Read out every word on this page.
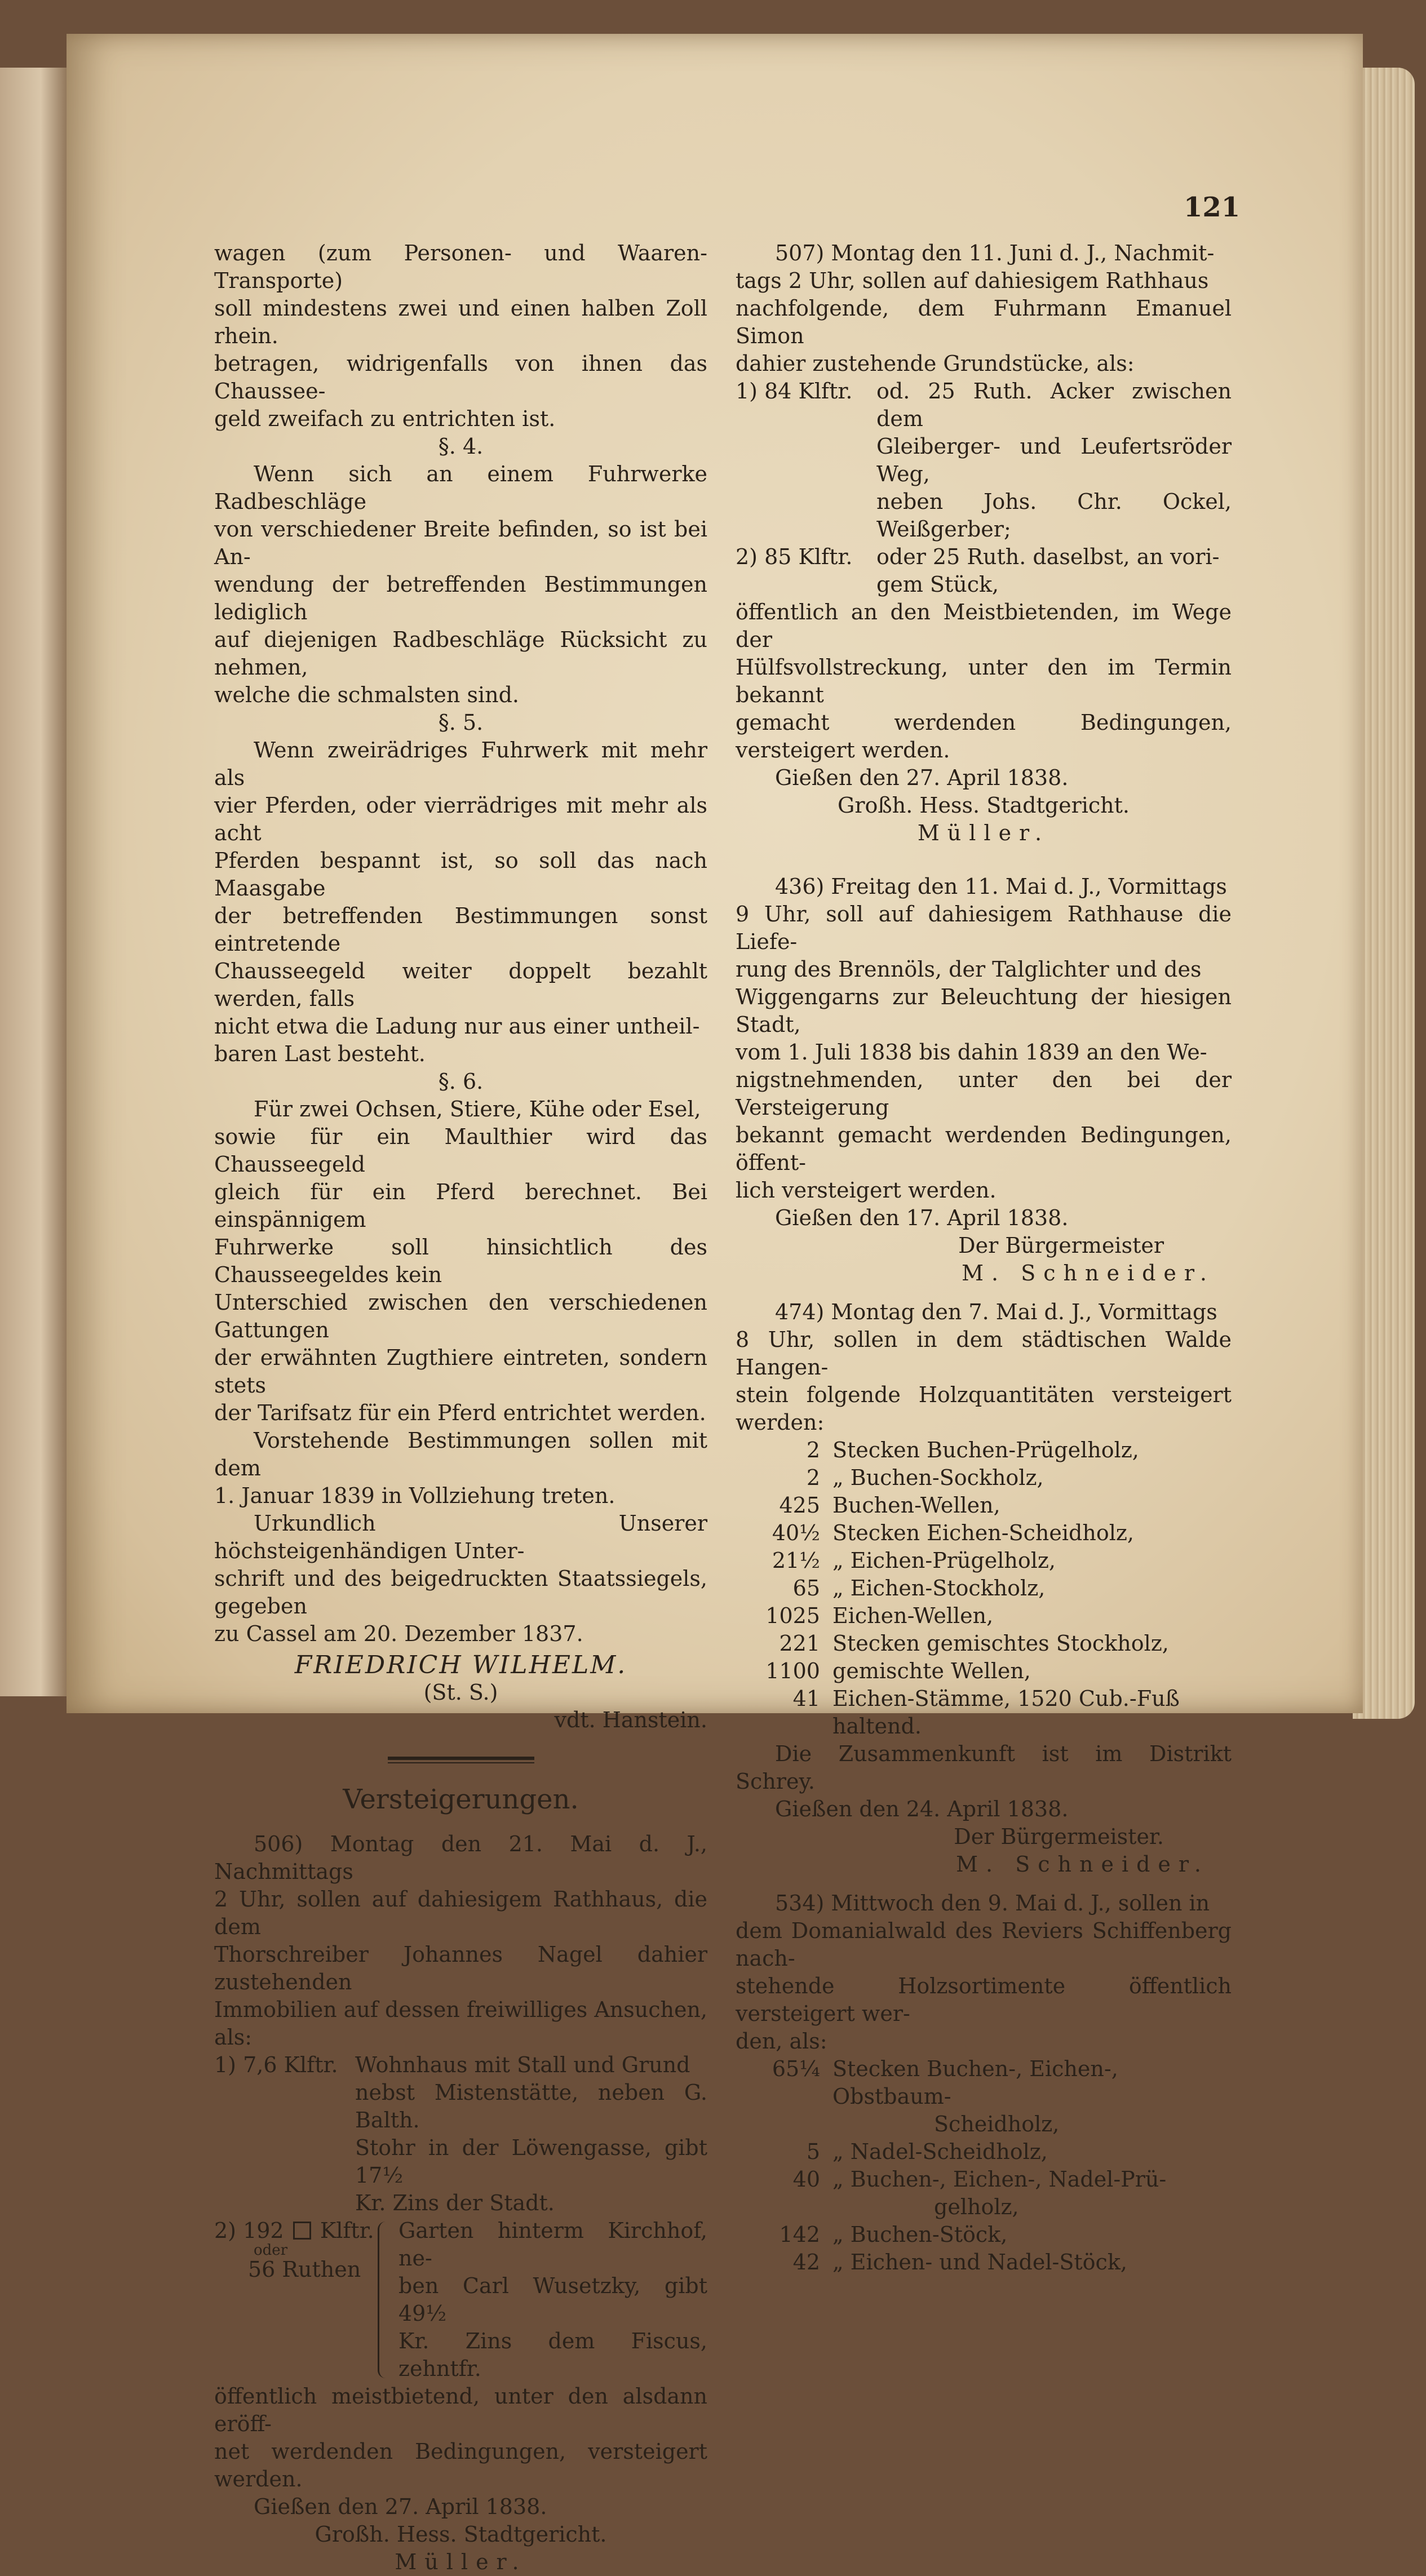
121

wagen (zum Personen- und Waaren-Transporte)

soll mindestens zwei und einen halben Zoll rhein.

betragen, widrigenfalls von ihnen das Chaussee-

geld zweifach zu entrichten ist.

§. 4.

Wenn sich an einem Fuhrwerke Radbeschläge

von verschiedener Breite befinden, so ist bei An-

wendung der betreffenden Bestimmungen lediglich

auf diejenigen Radbeschläge Rücksicht zu nehmen,

welche die schmalsten sind.

§. 5.

Wenn zweirädriges Fuhrwerk mit mehr als

vier Pferden, oder vierrädriges mit mehr als acht

Pferden bespannt ist, so soll das nach Maasgabe

der betreffenden Bestimmungen sonst eintretende

Chausseegeld weiter doppelt bezahlt werden, falls

nicht etwa die Ladung nur aus einer untheil-

baren Last besteht.

§. 6.

Für zwei Ochsen, Stiere, Kühe oder Esel,

sowie für ein Maulthier wird das Chausseegeld

gleich für ein Pferd berechnet. Bei einspännigem

Fuhrwerke soll hinsichtlich des Chausseegeldes kein

Unterschied zwischen den verschiedenen Gattungen

der erwähnten Zugthiere eintreten, sondern stets

der Tarifsatz für ein Pferd entrichtet werden.

Vorstehende Bestimmungen sollen mit dem

1. Januar 1839 in Vollziehung treten.

Urkundlich Unserer höchsteigenhändigen Unter-

schrift und des beigedruckten Staatssiegels, gegeben

zu Cassel am 20. Dezember 1837.

FRIEDRICH WILHELM.

(St. S.)

vdt. Hanstein.

Versteigerungen.

506) Montag den 21. Mai d. J., Nachmittags

2 Uhr, sollen auf dahiesigem Rathhaus, die dem

Thorschreiber Johannes Nagel dahier zustehenden

Immobilien auf dessen freiwilliges Ansuchen, als:

1) 7,6 Klftr. Wohnhaus mit Stall und Grund

nebst Mistenstätte, neben G. Balth.

Stohr in der Löwengasse, gibt 17½

Kr. Zins der Stadt.

2) 192 Klftr.
oder
56 Ruthen

Garten hinterm Kirchhof, ne-

ben Carl Wusetzky, gibt 49½

Kr. Zins dem Fiscus, zehntfr.

öffentlich meistbietend, unter den alsdann eröff-

net werdenden Bedingungen, versteigert werden.

Gießen den 27. April 1838.

Großh. Hess. Stadtgericht.

Müller.

507) Montag den 11. Juni d. J., Nachmit-

tags 2 Uhr, sollen auf dahiesigem Rathhaus

nachfolgende, dem Fuhrmann Emanuel Simon

dahier zustehende Grundstücke, als:

1) 84 Klftr.	od. 25 Ruth. Acker zwischen dem

Gleiberger- und Leufertsröder Weg,

neben Johs. Chr. Ockel, Weißgerber;

2) 85 Klftr.	oder 25 Ruth. daselbst, an vori-

gem Stück,

öffentlich an den Meistbietenden, im Wege der

Hülfsvollstreckung, unter den im Termin bekannt

gemacht werdenden Bedingungen, versteigert werden.

Gießen den 27. April 1838.

Großh. Hess. Stadtgericht.

Müller.

436) Freitag den 11. Mai d. J., Vormittags

9 Uhr, soll auf dahiesigem Rathhause die Liefe-

rung des Brennöls, der Talglichter und des

Wiggengarns zur Beleuchtung der hiesigen Stadt,

vom 1. Juli 1838 bis dahin 1839 an den We-

nigstnehmenden, unter den bei der Versteigerung

bekannt gemacht werdenden Bedingungen, öffent-

lich versteigert werden.

Gießen den 17. April 1838.

Der Bürgermeister

M. Schneider.

474) Montag den 7. Mai d. J., Vormittags

8 Uhr, sollen in dem städtischen Walde Hangen-

stein folgende Holzquantitäten versteigert werden:

2 Stecken Buchen-Prügelholz,
2 „ Buchen-Sockholz,
425 Buchen-Wellen,
40½ Stecken Eichen-Scheidholz,
21½ „ Eichen-Prügelholz,
65 „ Eichen-Stockholz,
1025 Eichen-Wellen,
221 Stecken gemischtes Stockholz,
1100 gemischte Wellen,
41 Eichen-Stämme, 1520 Cub.-Fuß haltend.

Die Zusammenkunft ist im Distrikt Schrey.

Gießen den 24. April 1838.

Der Bürgermeister.

M. Schneider.

534) Mittwoch den 9. Mai d. J., sollen in

dem Domanialwald des Reviers Schiffenberg nach-

stehende Holzsortimente öffentlich versteigert wer-

den, als:

65¼ Stecken Buchen-, Eichen-, Obstbaum-
Scheidholz,
5 „ Nadel-Scheidholz,
40 „ Buchen-, Eichen-, Nadel-Prü-
gelholz,
142 „ Buchen-Stöck,
42 „ Eichen- und Nadel-Stöck,
